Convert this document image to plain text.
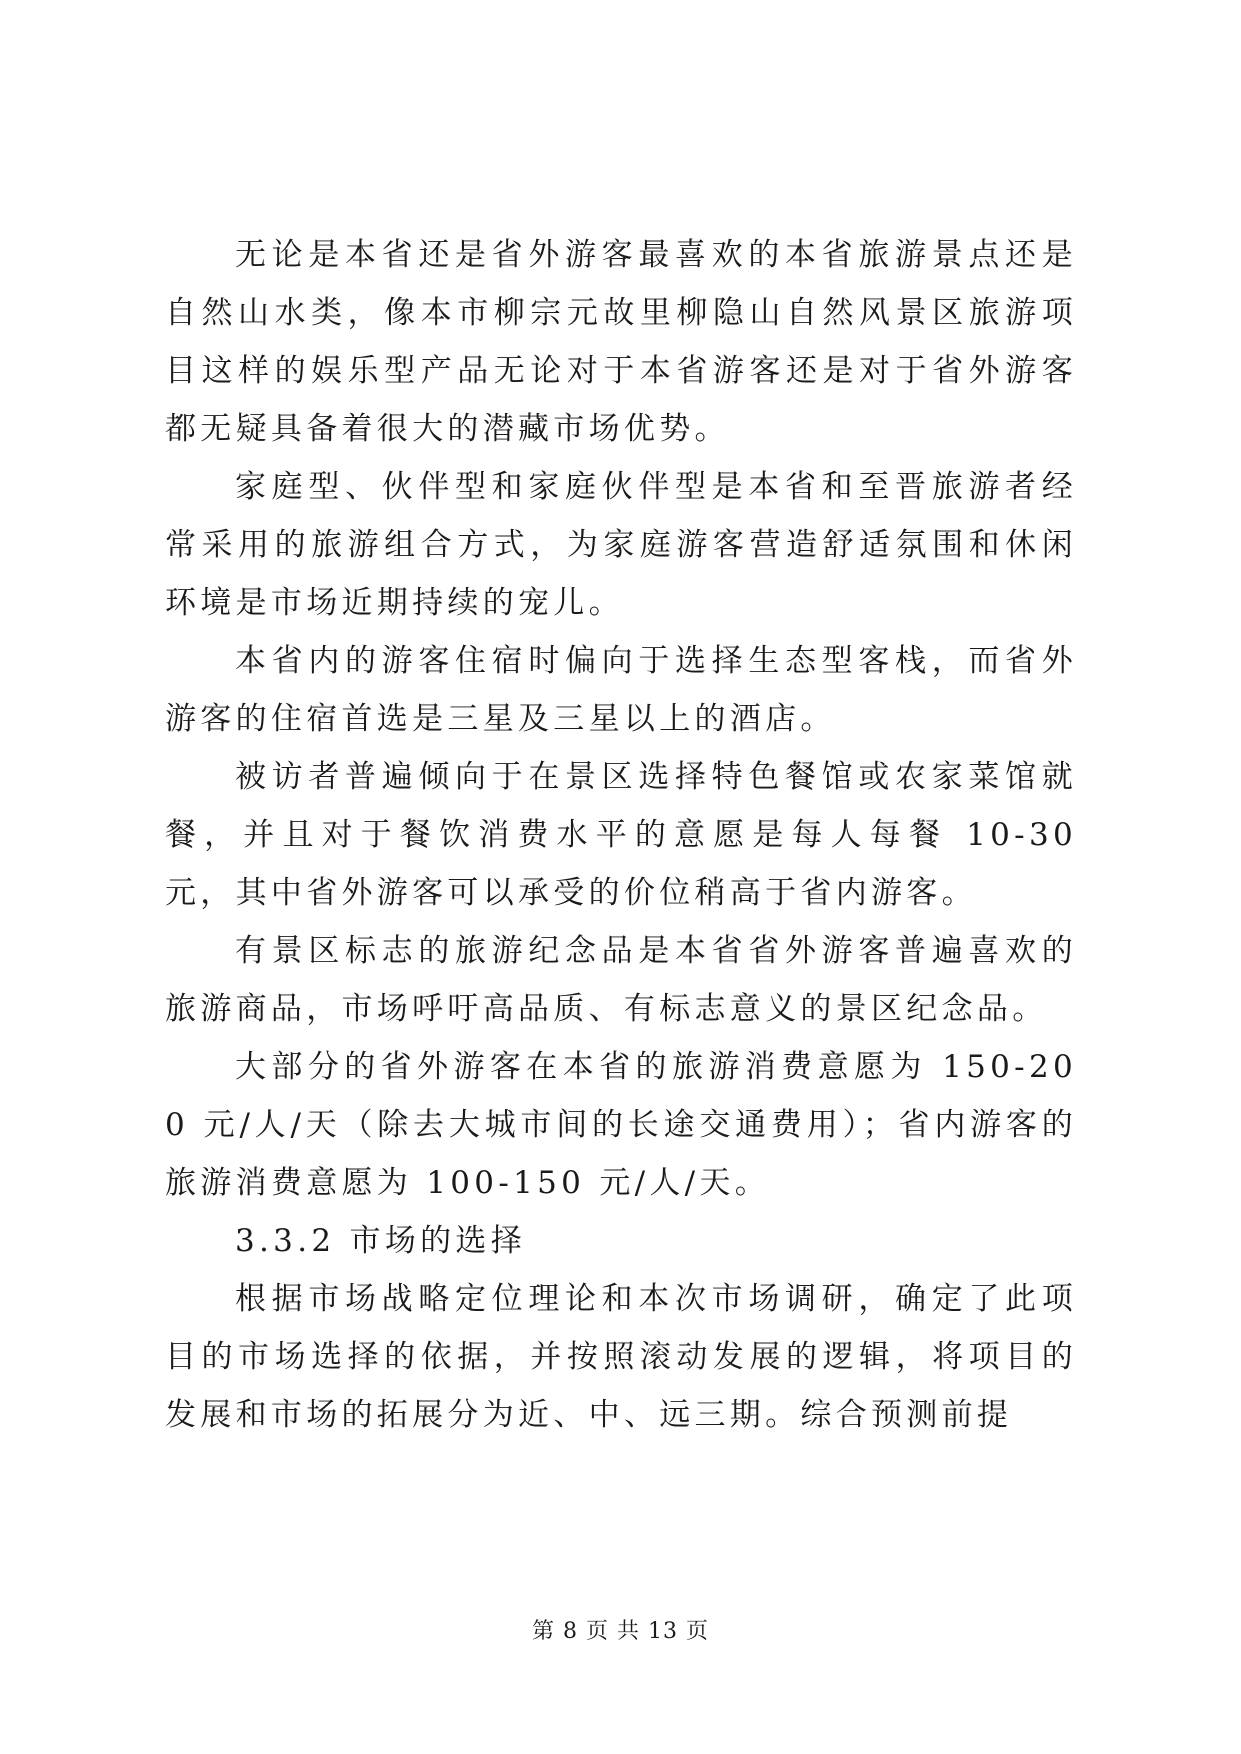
无论是本省还是省外游客最喜欢的本省旅游景点还是自然山水类，像本市柳宗元故里柳隐山自然风景区旅游项目这样的娱乐型产品无论对于本省游客还是对于省外游客都无疑具备着很大的潜藏市场优势。

家庭型、伙伴型和家庭伙伴型是本省和至晋旅游者经常采用的旅游组合方式，为家庭游客营造舒适氛围和休闲环境是市场近期持续的宠儿。

本省内的游客住宿时偏向于选择生态型客栈，而省外游客的住宿首选是三星及三星以上的酒店。

被访者普遍倾向于在景区选择特色餐馆或农家菜馆就餐，并且对于餐饮消费水平的意愿是每人每餐 10-30 元，其中省外游客可以承受的价位稍高于省内游客。

有景区标志的旅游纪念品是本省省外游客普遍喜欢的旅游商品，市场呼吁高品质、有标志意义的景区纪念品。

大部分的省外游客在本省的旅游消费意愿为 150-200 元/人/天（除去大城市间的长途交通费用）；省内游客的旅游消费意愿为 100-150 元/人/天。

3.3.2 市场的选择

根据市场战略定位理论和本次市场调研，确定了此项目的市场选择的依据，并按照滚动发展的逻辑，将项目的发展和市场的拓展分为近、中、远三期。综合预测前提

第 8 页 共 13 页
